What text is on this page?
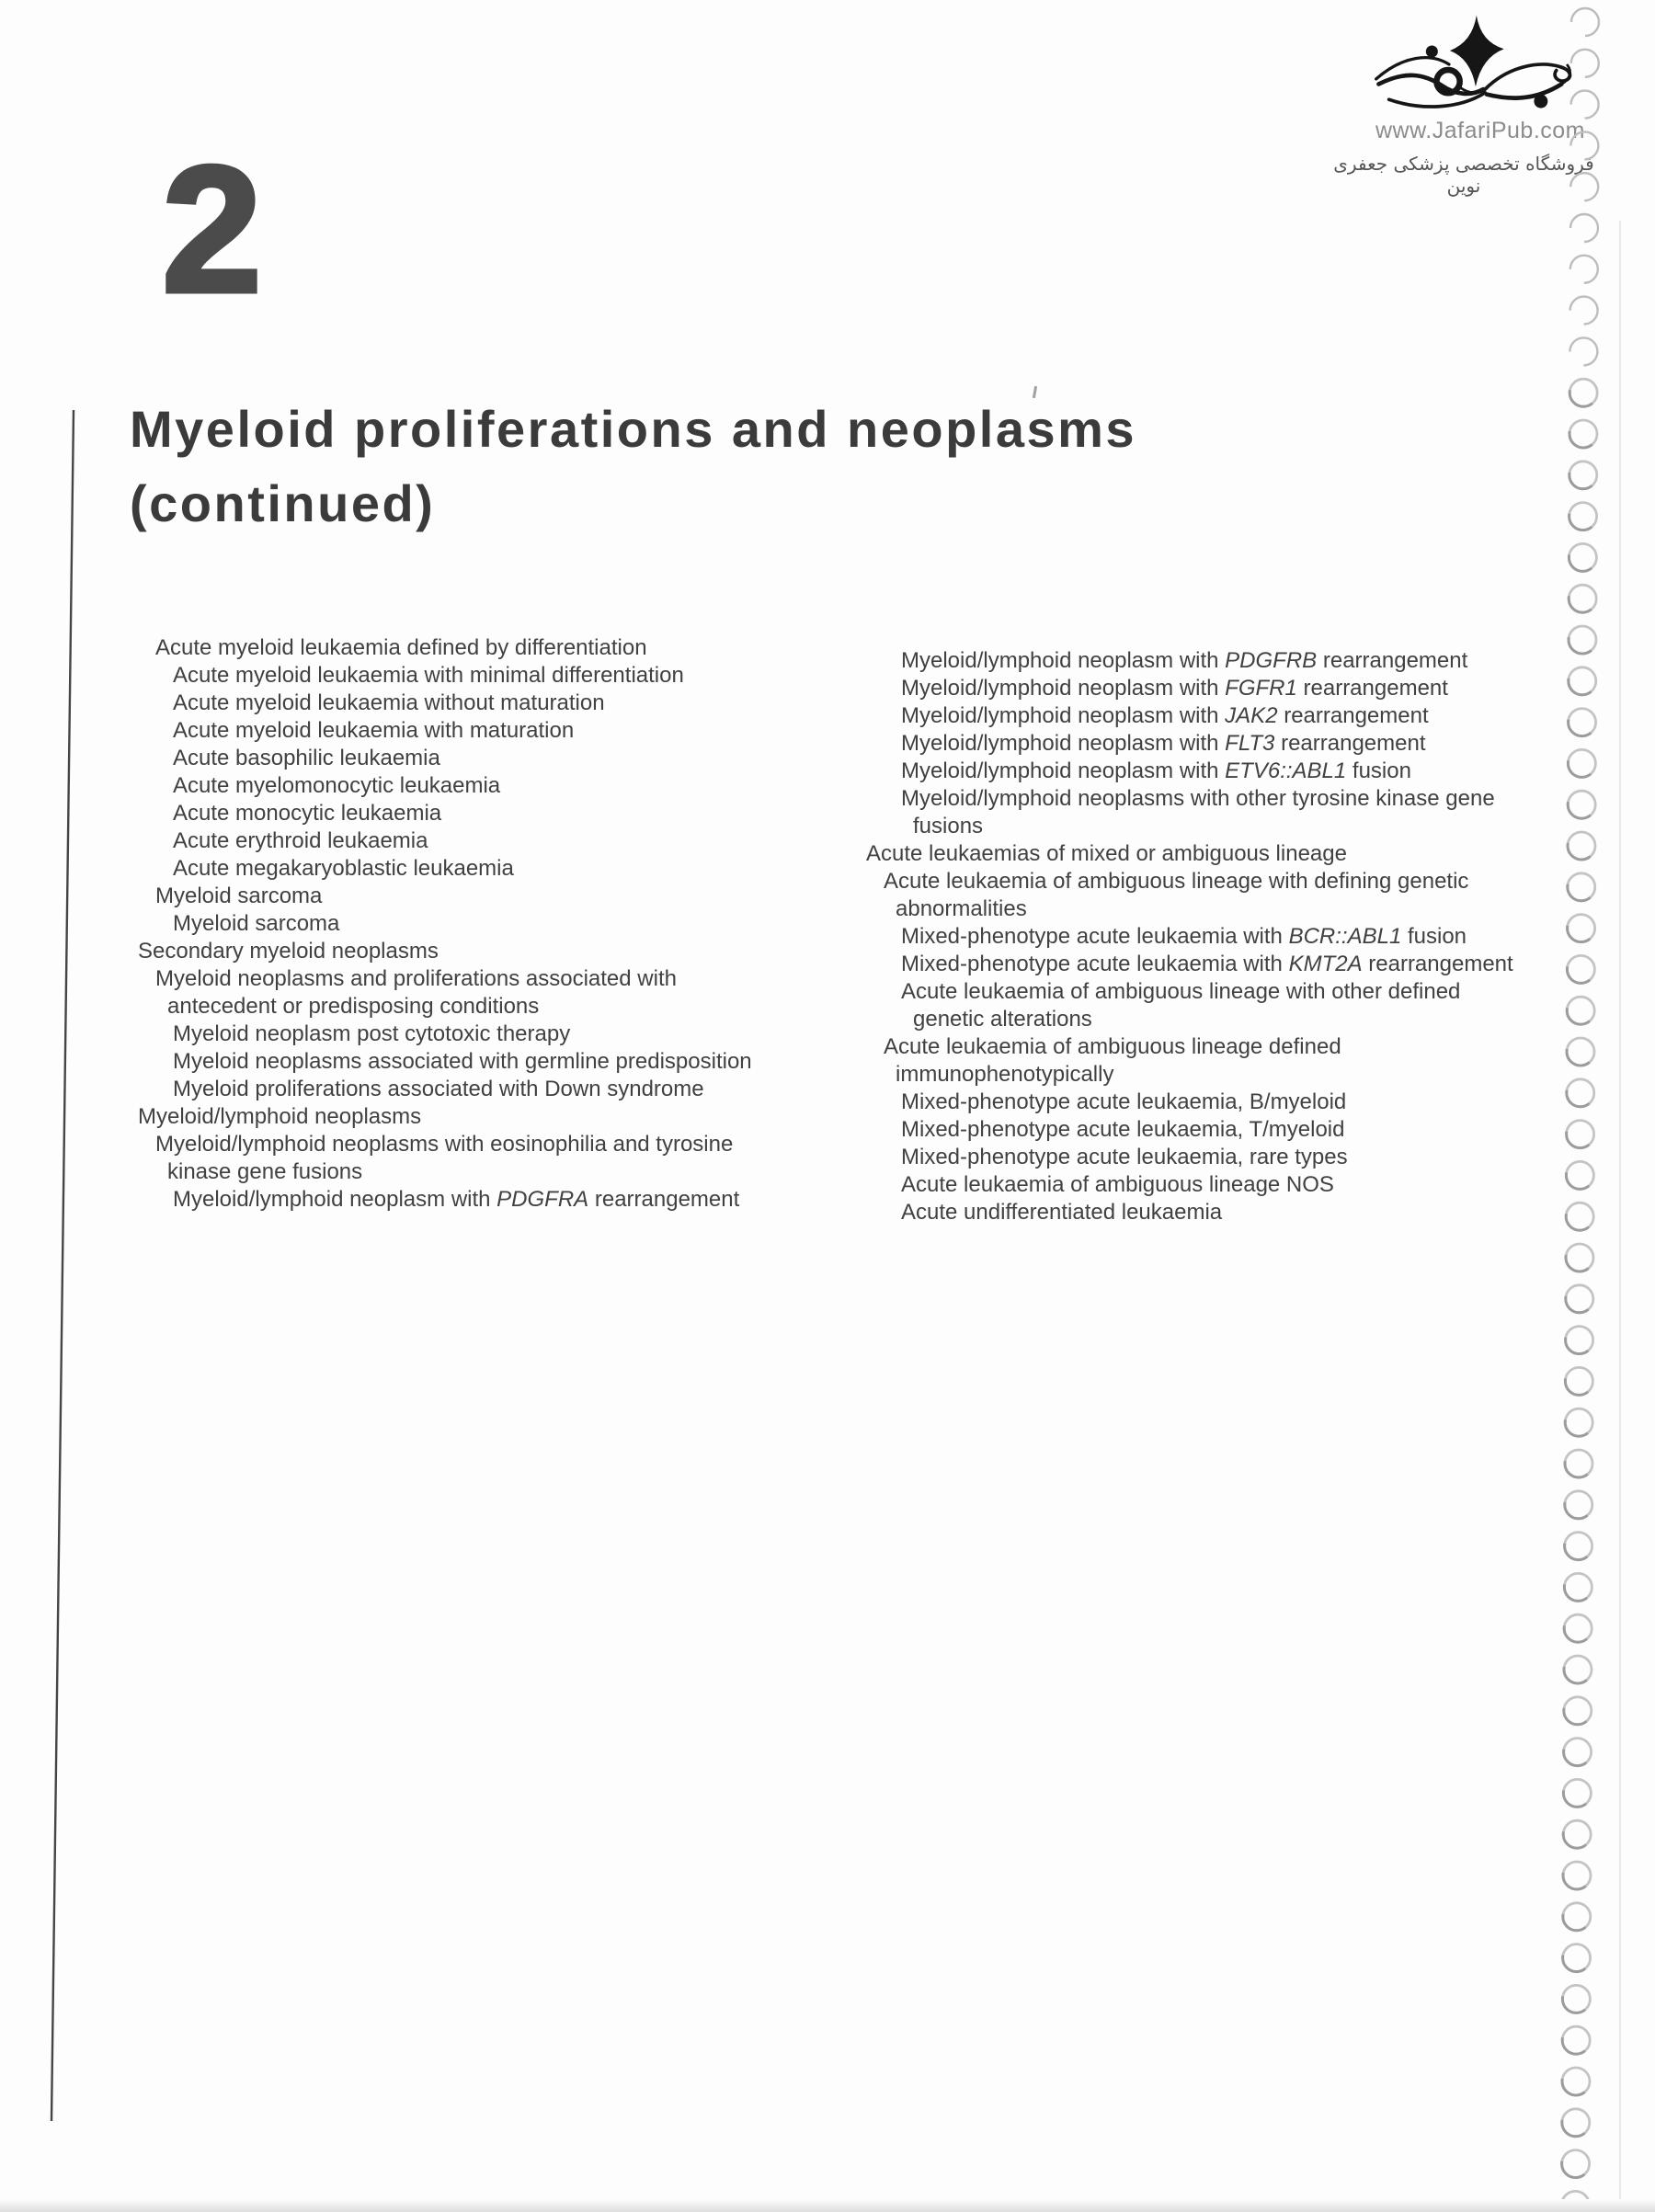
www.JafariPub.com
فروشگاه تخصصی پزشکی جعفری نوین
2
Myeloid proliferations and neoplasms
(continued)
Acute myeloid leukaemia defined by differentiation
Acute myeloid leukaemia with minimal differentiation
Acute myeloid leukaemia without maturation
Acute myeloid leukaemia with maturation
Acute basophilic leukaemia
Acute myelomonocytic leukaemia
Acute monocytic leukaemia
Acute erythroid leukaemia
Acute megakaryoblastic leukaemia
Myeloid sarcoma
Myeloid sarcoma
Secondary myeloid neoplasms
Myeloid neoplasms and proliferations associated with
antecedent or predisposing conditions
Myeloid neoplasm post cytotoxic therapy
Myeloid neoplasms associated with germline predisposition
Myeloid proliferations associated with Down syndrome
Myeloid/lymphoid neoplasms
Myeloid/lymphoid neoplasms with eosinophilia and tyrosine
kinase gene fusions
Myeloid/lymphoid neoplasm with PDGFRA rearrangement
Myeloid/lymphoid neoplasm with PDGFRB rearrangement
Myeloid/lymphoid neoplasm with FGFR1 rearrangement
Myeloid/lymphoid neoplasm with JAK2 rearrangement
Myeloid/lymphoid neoplasm with FLT3 rearrangement
Myeloid/lymphoid neoplasm with ETV6::ABL1 fusion
Myeloid/lymphoid neoplasms with other tyrosine kinase gene
fusions
Acute leukaemias of mixed or ambiguous lineage
Acute leukaemia of ambiguous lineage with defining genetic
abnormalities
Mixed-phenotype acute leukaemia with BCR::ABL1 fusion
Mixed-phenotype acute leukaemia with KMT2A rearrangement
Acute leukaemia of ambiguous lineage with other defined
genetic alterations
Acute leukaemia of ambiguous lineage defined
immunophenotypically
Mixed-phenotype acute leukaemia, B/myeloid
Mixed-phenotype acute leukaemia, T/myeloid
Mixed-phenotype acute leukaemia, rare types
Acute leukaemia of ambiguous lineage NOS
Acute undifferentiated leukaemia
